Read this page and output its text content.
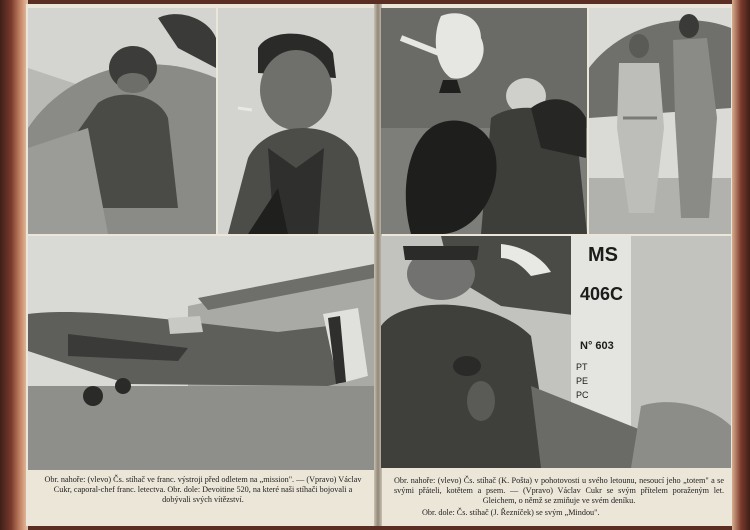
Obr. nahoře: (vlevo) Čs. stíhač ve franc. výstroji před odletem na „mission". — (Vpravo) Václav Cukr, caporal-chef franc. letectva. Obr. dole: Devoitine 520, na které naši stíhači bojovali a dobývali svých vítězství.
MS
406C
N° 603
PT
PE
PC
Obr. nahoře: (vlevo) Čs. stíhač (K. Pošta) v pohotovosti u svého letounu, nesoucí jeho „totem" a se svými přáteli, kotětem a psem. — (Vpravo) Václav Cukr se svým přítelem poraženým let. Gleichem, o němž se zmiňuje ve svém deníku.
Obr. dole: Čs. stíhač (J. Řezníček) se svým „Mindou".
